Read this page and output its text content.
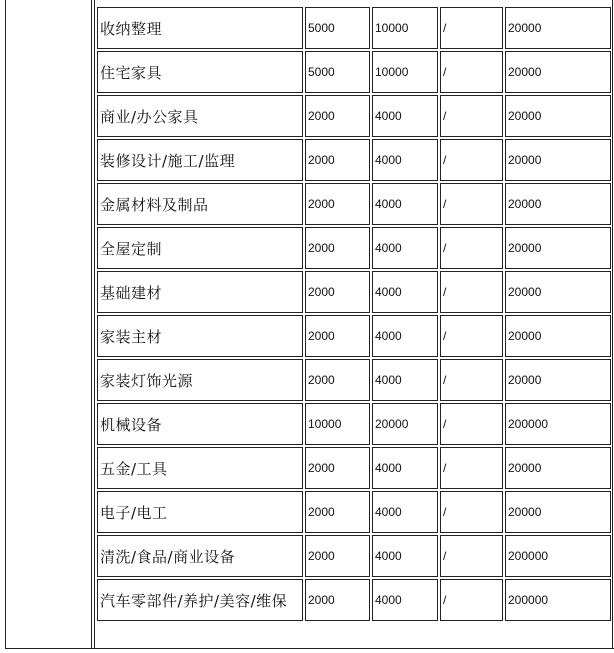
收纳整理	5000	10000	/	20000
住宅家具	5000	10000	/	20000
商业/办公家具	2000	4000	/	20000
装修设计/施工/监理	2000	4000	/	20000
金属材料及制品	2000	4000	/	20000
全屋定制	2000	4000	/	20000
基础建材	2000	4000	/	20000
家装主材	2000	4000	/	20000
家装灯饰光源	2000	4000	/	20000
机械设备	10000	20000	/	200000
五金/工具	2000	4000	/	20000
电子/电工	2000	4000	/	20000
清洗/食品/商业设备	2000	4000	/	200000
汽车零部件/养护/美容/维保	2000	4000	/	200000
